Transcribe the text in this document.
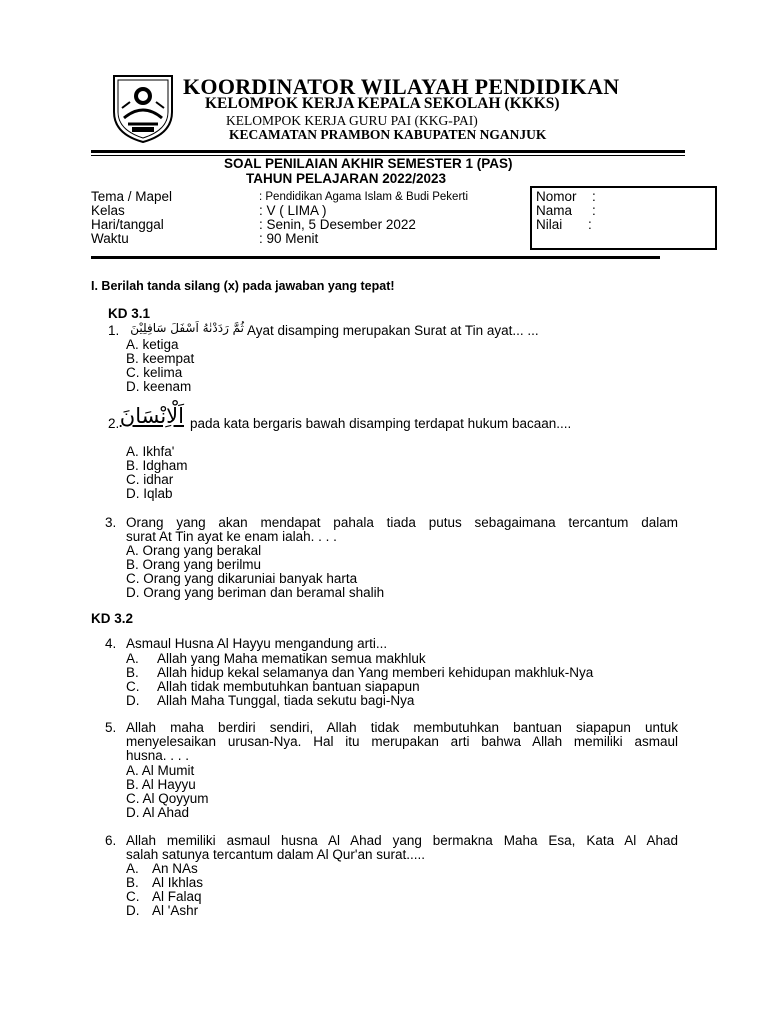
KOORDINATOR WILAYAH PENDIDIKAN
KELOMPOK KERJA KEPALA SEKOLAH (KKKS)
KELOMPOK KERJA GURU PAI (KKG-PAI)
KECAMATAN PRAMBON KABUPATEN NGANJUK
SOAL PENILAIAN AKHIR SEMESTER 1 (PAS)
TAHUN PELAJARAN 2022/2023
Tema / Mapel
Kelas
Hari/tanggal
Waktu
: Pendidikan Agama Islam & Budi Pekerti
: V ( LIMA )
: Senin, 5 Desember 2022
: 90 Menit
Nomor
Nama
Nilai
:
:
:
I. Berilah tanda silang (x) pada jawaban yang tepat!
KD 3.1
1. ثُمَّ رَدَدْنٰهُ اَسْفَلَ سَافِلِيْنَ Ayat disamping merupakan Surat at Tin ayat... ...
A. ketiga
B. keempat
C. kelima
D. keenam
2. اَلْاِنْسَانَ pada kata bergaris bawah disamping terdapat hukum bacaan....
A. Ikhfa'
B. Idgham
C. idhar
D. Iqlab
3. Orang yang akan mendapat pahala tiada putus sebagaimana tercantum dalam
surat At Tin ayat ke enam ialah. . . .
A. Orang yang berakal
B. Orang yang berilmu
C. Orang yang dikaruniai banyak harta
D. Orang yang beriman dan beramal shalih
KD 3.2
4. Asmaul Husna Al Hayyu mengandung arti...
A. Allah yang Maha mematikan semua makhluk
B. Allah hidup kekal selamanya dan Yang memberi kehidupan makhluk-Nya
C. Allah tidak membutuhkan bantuan siapapun
D. Allah Maha Tunggal, tiada sekutu bagi-Nya
5. Allah maha berdiri sendiri, Allah tidak membutuhkan bantuan siapapun untuk
menyelesaikan urusan-Nya. Hal itu merupakan arti bahwa Allah memiliki asmaul
husna. . . .
A. Al Mumit
B. Al Hayyu
C. Al Qoyyum
D. Al Ahad
6. Allah memiliki asmaul husna Al Ahad yang bermakna Maha Esa, Kata Al Ahad
salah satunya tercantum dalam Al Qur'an surat.....
A. An NAs
B. Al Ikhlas
C. Al Falaq
D. Al 'Ashr
